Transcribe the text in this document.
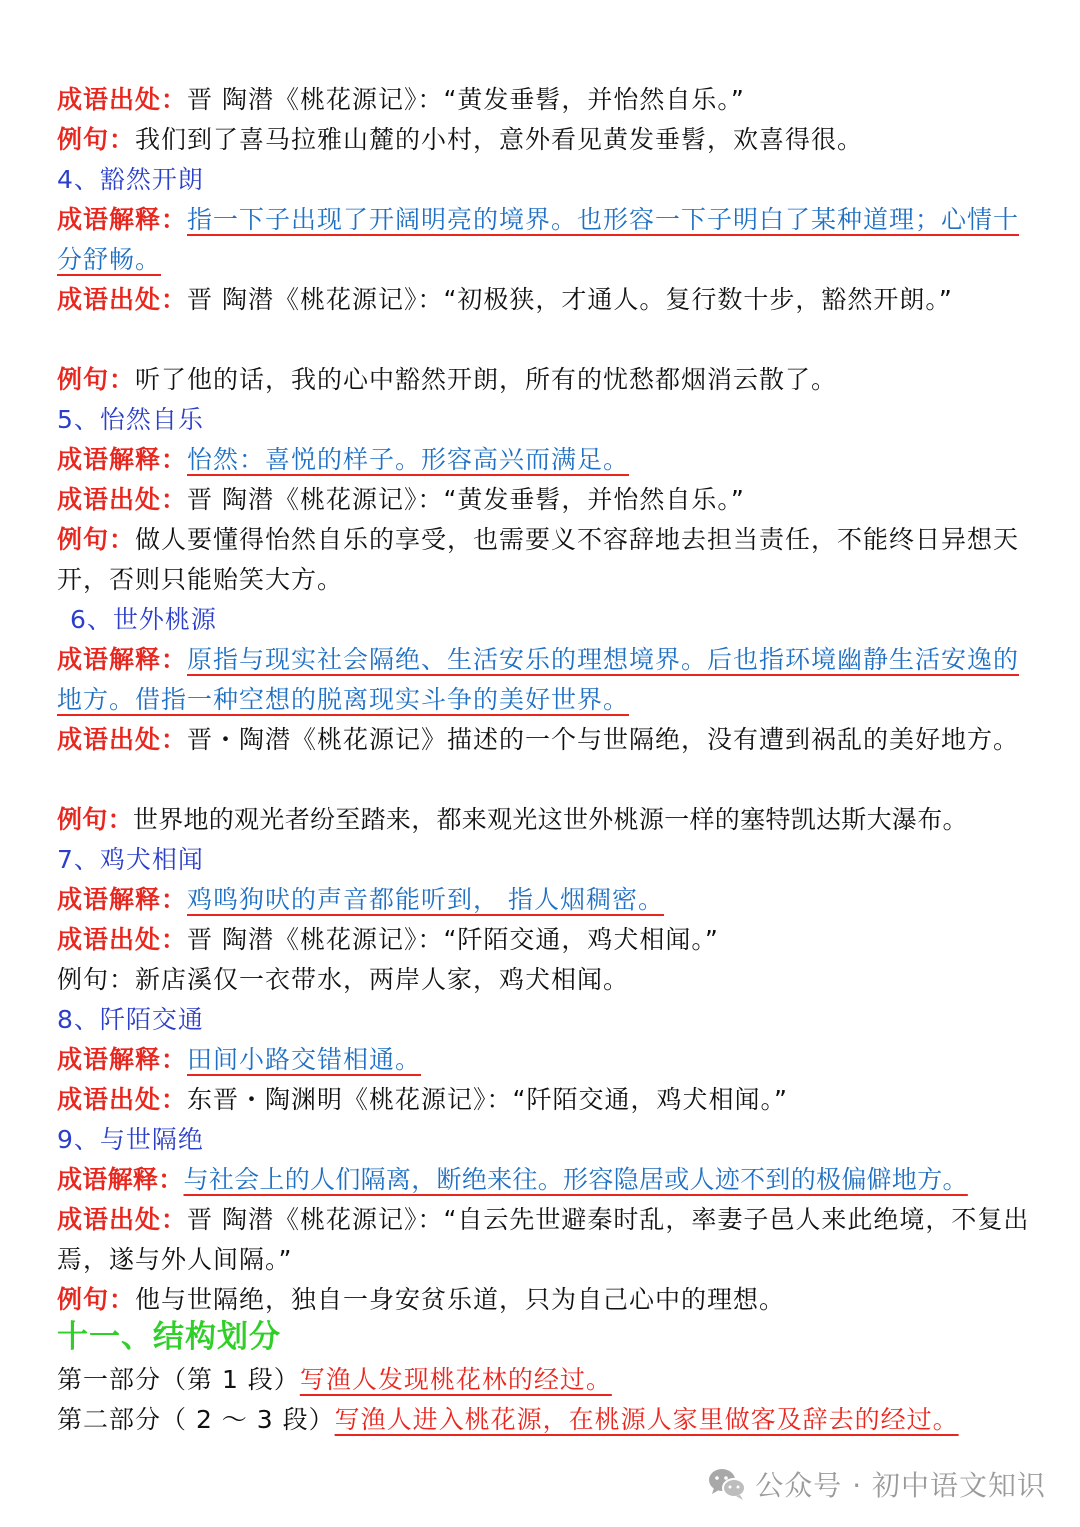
成语出处：晋 陶潜《桃花源记》：“黄发垂髫，并怡然自乐。”
例句：我们到了喜马拉雅山麓的小村，意外看见黄发垂髫，欢喜得很。
4、豁然开朗
成语解释：指一下子出现了开阔明亮的境界。也形容一下子明白了某种道理；心情十分舒畅。
成语出处：晋 陶潜《桃花源记》：“初极狭，才通人。复行数十步，豁然开朗。”
例句：听了他的话，我的心中豁然开朗，所有的忧愁都烟消云散了。
5、怡然自乐
成语解释：怡然：喜悦的样子。形容高兴而满足。
成语出处：晋 陶潜《桃花源记》：“黄发垂髫，并怡然自乐。”
例句：做人要懂得怡然自乐的享受，也需要义不容辞地去担当责任，不能终日异想天开，否则只能贻笑大方。
6、世外桃源
成语解释：原指与现实社会隔绝、生活安乐的理想境界。后也指环境幽静生活安逸的地方。借指一种空想的脱离现实斗争的美好世界。
成语出处：晋・陶潜《桃花源记》描述的一个与世隔绝，没有遭到祸乱的美好地方。
例句：世界地的观光者纷至踏来，都来观光这世外桃源一样的塞特凯达斯大瀑布。
7、鸡犬相闻
成语解释：鸡鸣狗吠的声音都能听到， 指人烟稠密。
成语出处：晋 陶潜《桃花源记》：“阡陌交通，鸡犬相闻。”
例句：新店溪仅一衣带水，两岸人家，鸡犬相闻。
8、阡陌交通
成语解释：田间小路交错相通。
成语出处：东晋・陶渊明《桃花源记》：“阡陌交通，鸡犬相闻。”
9、与世隔绝
成语解释：与社会上的人们隔离，断绝来往。形容隐居或人迹不到的极偏僻地方。
成语出处：晋 陶潜《桃花源记》：“自云先世避秦时乱，率妻子邑人来此绝境，不复出焉，遂与外人间隔。”
例句：他与世隔绝，独自一身安贫乐道，只为自己心中的理想。
十一、结构划分
第一部分（第 1 段）写渔人发现桃花林的经过。
第二部分（ 2 ～ 3 段）写渔人进入桃花源，在桃源人家里做客及辞去的经过。
公众号 · 初中语文知识
